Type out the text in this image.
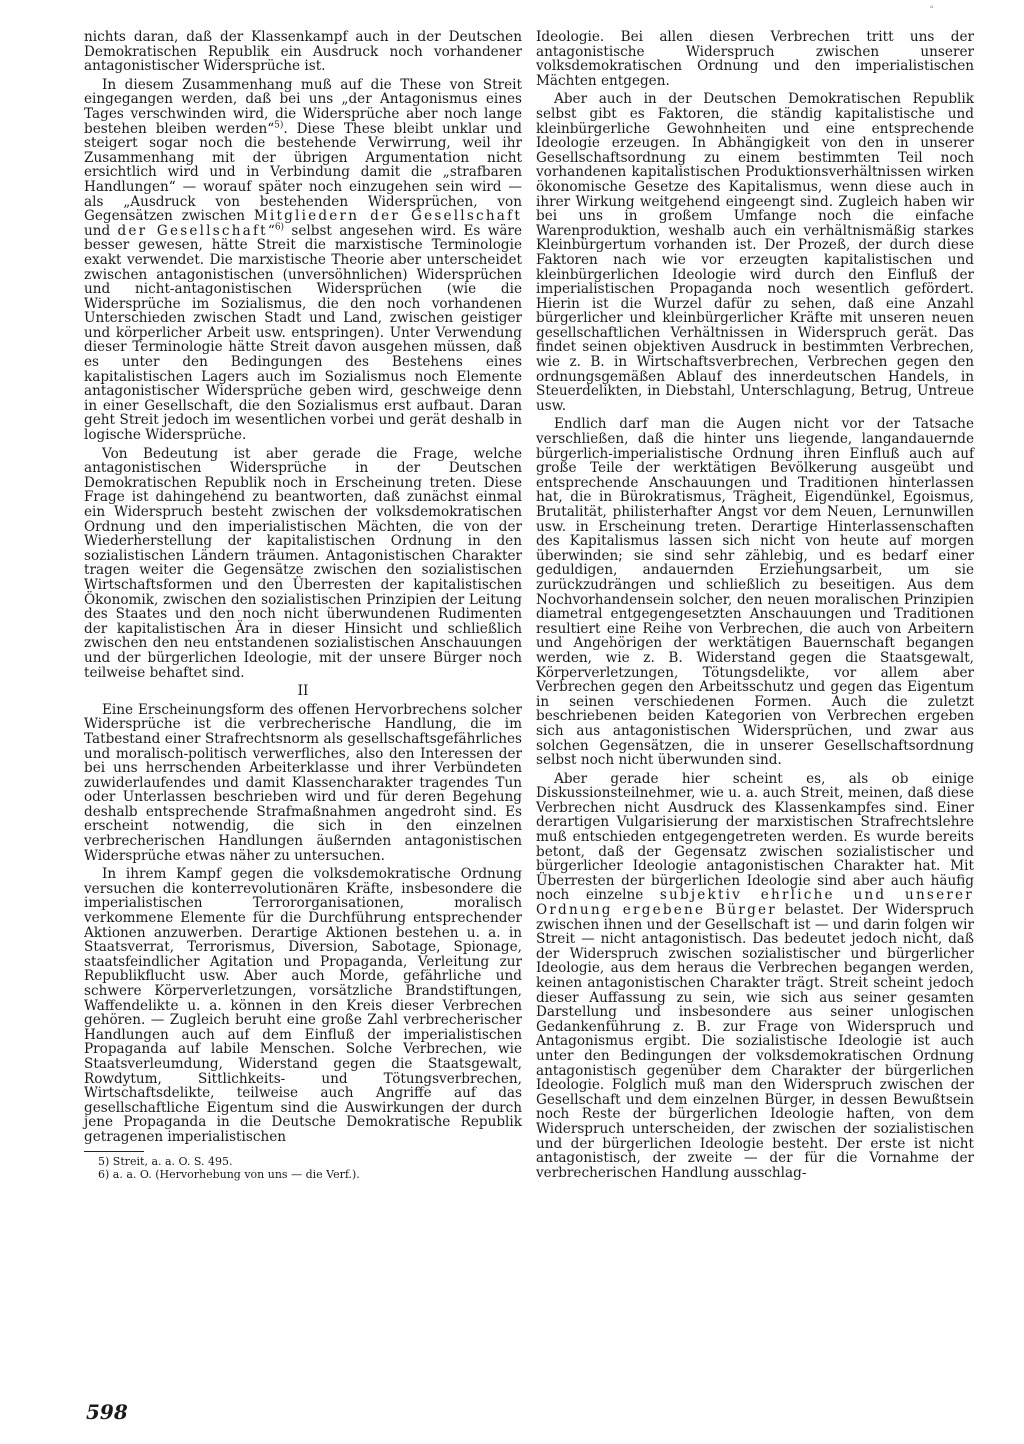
ᵃ

nichts daran, daß der Klassenkampf auch in der Deutschen Demokratischen Republik ein Ausdruck noch vorhandener antagonistischer Widersprüche ist.

In diesem Zusammenhang muß auf die These von Streit eingegangen werden, daß bei uns „der Antagonismus eines Tages verschwinden wird, die Widersprüche aber noch lange bestehen bleiben werden“$^{5)}$. Diese These bleibt unklar und steigert sogar noch die bestehende Verwirrung, weil ihr Zusammenhang mit der übrigen Argumentation nicht ersichtlich wird und in Verbindung damit die „strafbaren Handlungen“ — worauf später noch einzugehen sein wird — als „Ausdruck von bestehenden Widersprüchen, von Gegensätzen zwischen Mitgliedern der Gesellschaft und der Gesellschaft“$^{6)}$ selbst angesehen wird. Es wäre besser gewesen, hätte Streit die marxistische Terminologie exakt verwendet. Die marxistische Theorie aber unterscheidet zwischen antagonistischen (unversöhnlichen) Widersprüchen und nicht-antagonistischen Widersprüchen (wie die Widersprüche im Sozialismus, die den noch vorhandenen Unterschieden zwischen Stadt und Land, zwischen geistiger und körperlicher Arbeit usw. entspringen). Unter Verwendung dieser Terminologie hätte Streit davon ausgehen müssen, daß es unter den Bedingungen des Bestehens eines kapitalistischen Lagers auch im Sozialismus noch Elemente antagonistischer Widersprüche geben wird, geschweige denn in einer Gesellschaft, die den Sozialismus erst aufbaut. Daran geht Streit jedoch im wesentlichen vorbei und gerät deshalb in logische Widersprüche.

Von Bedeutung ist aber gerade die Frage, welche antagonistischen Widersprüche in der Deutschen Demokratischen Republik noch in Erscheinung treten. Diese Frage ist dahingehend zu beantworten, daß zunächst einmal ein Widerspruch besteht zwischen der volksdemokratischen Ordnung und den imperialistischen Mächten, die von der Wiederherstellung der kapitalistischen Ordnung in den sozialistischen Ländern träumen. Antagonistischen Charakter tragen weiter die Gegensätze zwischen den sozialistischen Wirtschaftsformen und den Überresten der kapitalistischen Ökonomik, zwischen den sozialistischen Prinzipien der Leitung des Staates und den noch nicht überwundenen Rudimenten der kapitalistischen Ära in dieser Hinsicht und schließlich zwischen den neu entstandenen sozialistischen Anschauungen und der bürgerlichen Ideologie, mit der unsere Bürger noch teilweise behaftet sind.

II

Eine Erscheinungsform des offenen Hervorbrechens solcher Widersprüche ist die verbrecherische Handlung, die im Tatbestand einer Strafrechtsnorm als gesellschaftsgefährliches und moralisch-politisch verwerfliches, also den Interessen der bei uns herrschenden Arbeiterklasse und ihrer Verbündeten zuwiderlaufendes und damit Klassencharakter tragendes Tun oder Unterlassen beschrieben wird und für deren Begehung deshalb entsprechende Strafmaßnahmen angedroht sind. Es erscheint notwendig, die sich in den einzelnen verbrecherischen Handlungen äußernden antagonistischen Widersprüche etwas näher zu untersuchen.

In ihrem Kampf gegen die volksdemokratische Ordnung versuchen die konterrevolutionären Kräfte, insbesondere die imperialistischen Terrororganisationen, moralisch verkommene Elemente für die Durchführung entsprechender Aktionen anzuwerben. Derartige Aktionen bestehen u. a. in Staatsverrat, Terrorismus, Diversion, Sabotage, Spionage, staatsfeindlicher Agitation und Propaganda, Verleitung zur Republikflucht usw. Aber auch Morde, gefährliche und schwere Körperverletzungen, vorsätzliche Brandstiftungen, Waffendelikte u. a. können in den Kreis dieser Verbrechen gehören. — Zugleich beruht eine große Zahl verbrecherischer Handlungen auch auf dem Einfluß der imperialistischen Propaganda auf labile Menschen. Solche Verbrechen, wie Staatsverleumdung, Widerstand gegen die Staatsgewalt, Rowdytum, Sittlichkeits- und Tötungsverbrechen, Wirtschaftsdelikte, teilweise auch Angriffe auf das gesellschaftliche Eigentum sind die Auswirkungen der durch jene Propaganda in die Deutsche Demokratische Republik getragenen imperialistischen

5) Streit, a. a. O. S. 495.
6) a. a. O. (Hervorhebung von uns — die Verf.).

Ideologie. Bei allen diesen Verbrechen tritt uns der antagonistische Widerspruch zwischen unserer volksdemokratischen Ordnung und den imperialistischen Mächten entgegen.

Aber auch in der Deutschen Demokratischen Republik selbst gibt es Faktoren, die ständig kapitalistische und kleinbürgerliche Gewohnheiten und eine entsprechende Ideologie erzeugen. In Abhängigkeit von den in unserer Gesellschaftsordnung zu einem bestimmten Teil noch vorhandenen kapitalistischen Produktionsverhältnissen wirken ökonomische Gesetze des Kapitalismus, wenn diese auch in ihrer Wirkung weitgehend eingeengt sind. Zugleich haben wir bei uns in großem Umfange noch die einfache Warenproduktion, weshalb auch ein verhältnismäßig starkes Kleinbürgertum vorhanden ist. Der Prozeß, der durch diese Faktoren nach wie vor erzeugten kapitalistischen und kleinbürgerlichen Ideologie wird durch den Einfluß der imperialistischen Propaganda noch wesentlich gefördert. Hierin ist die Wurzel dafür zu sehen, daß eine Anzahl bürgerlicher und kleinbürgerlicher Kräfte mit unseren neuen gesellschaftlichen Verhältnissen in Widerspruch gerät. Das findet seinen objektiven Ausdruck in bestimmten Verbrechen, wie z. B. in Wirtschaftsverbrechen, Verbrechen gegen den ordnungsgemäßen Ablauf des innerdeutschen Handels, in Steuerdelikten, in Diebstahl, Unterschlagung, Betrug, Untreue usw.

Endlich darf man die Augen nicht vor der Tatsache verschließen, daß die hinter uns liegende, langandauernde bürgerlich-imperialistische Ordnung ihren Einfluß auch auf große Teile der werktätigen Bevölkerung ausgeübt und entsprechende Anschauungen und Traditionen hinterlassen hat, die in Bürokratismus, Trägheit, Eigendünkel, Egoismus, Brutalität, philisterhafter Angst vor dem Neuen, Lernunwillen usw. in Erscheinung treten. Derartige Hinterlassenschaften des Kapitalismus lassen sich nicht von heute auf morgen überwinden; sie sind sehr zählebig, und es bedarf einer geduldigen, andauernden Erziehungsarbeit, um sie zurückzudrängen und schließlich zu beseitigen. Aus dem Nochvorhandensein solcher, den neuen moralischen Prinzipien diametral entgegengesetzten Anschauungen und Traditionen resultiert eine Reihe von Verbrechen, die auch von Arbeitern und Angehörigen der werktätigen Bauernschaft begangen werden, wie z. B. Widerstand gegen die Staatsgewalt, Körperverletzungen, Tötungsdelikte, vor allem aber Verbrechen gegen den Arbeitsschutz und gegen das Eigentum in seinen verschiedenen Formen. Auch die zuletzt beschriebenen beiden Kategorien von Verbrechen ergeben sich aus antagonistischen Widersprüchen, und zwar aus solchen Gegensätzen, die in unserer Gesellschaftsordnung selbst noch nicht überwunden sind.

Aber gerade hier scheint es, als ob einige Diskussionsteilnehmer, wie u. a. auch Streit, meinen, daß diese Verbrechen nicht Ausdruck des Klassenkampfes sind. Einer derartigen Vulgarisierung der marxistischen Strafrechtslehre muß entschieden entgegengetreten werden. Es wurde bereits betont, daß der Gegensatz zwischen sozialistischer und bürgerlicher Ideologie antagonistischen Charakter hat. Mit Überresten der bürgerlichen Ideologie sind aber auch häufig noch einzelne subjektiv ehrliche und unserer Ordnung ergebene Bürger belastet. Der Widerspruch zwischen ihnen und der Gesellschaft ist — und darin folgen wir Streit — nicht antagonistisch. Das bedeutet jedoch nicht, daß der Widerspruch zwischen sozialistischer und bürgerlicher Ideologie, aus dem heraus die Verbrechen begangen werden, keinen antagonistischen Charakter trägt. Streit scheint jedoch dieser Auffassung zu sein, wie sich aus seiner gesamten Darstellung und insbesondere aus seiner unlogischen Gedankenführung z. B. zur Frage von Widerspruch und Antagonismus ergibt. Die sozialistische Ideologie ist auch unter den Bedingungen der volksdemokratischen Ordnung antagonistisch gegenüber dem Charakter der bürgerlichen Ideologie. Folglich muß man den Widerspruch zwischen der Gesellschaft und dem einzelnen Bürger, in dessen Bewußtsein noch Reste der bürgerlichen Ideologie haften, von dem Widerspruch unterscheiden, der zwischen der sozialistischen und der bürgerlichen Ideologie besteht. Der erste ist nicht antagonistisch, der zweite — der für die Vornahme der verbrecherischen Handlung ausschlag-

598
